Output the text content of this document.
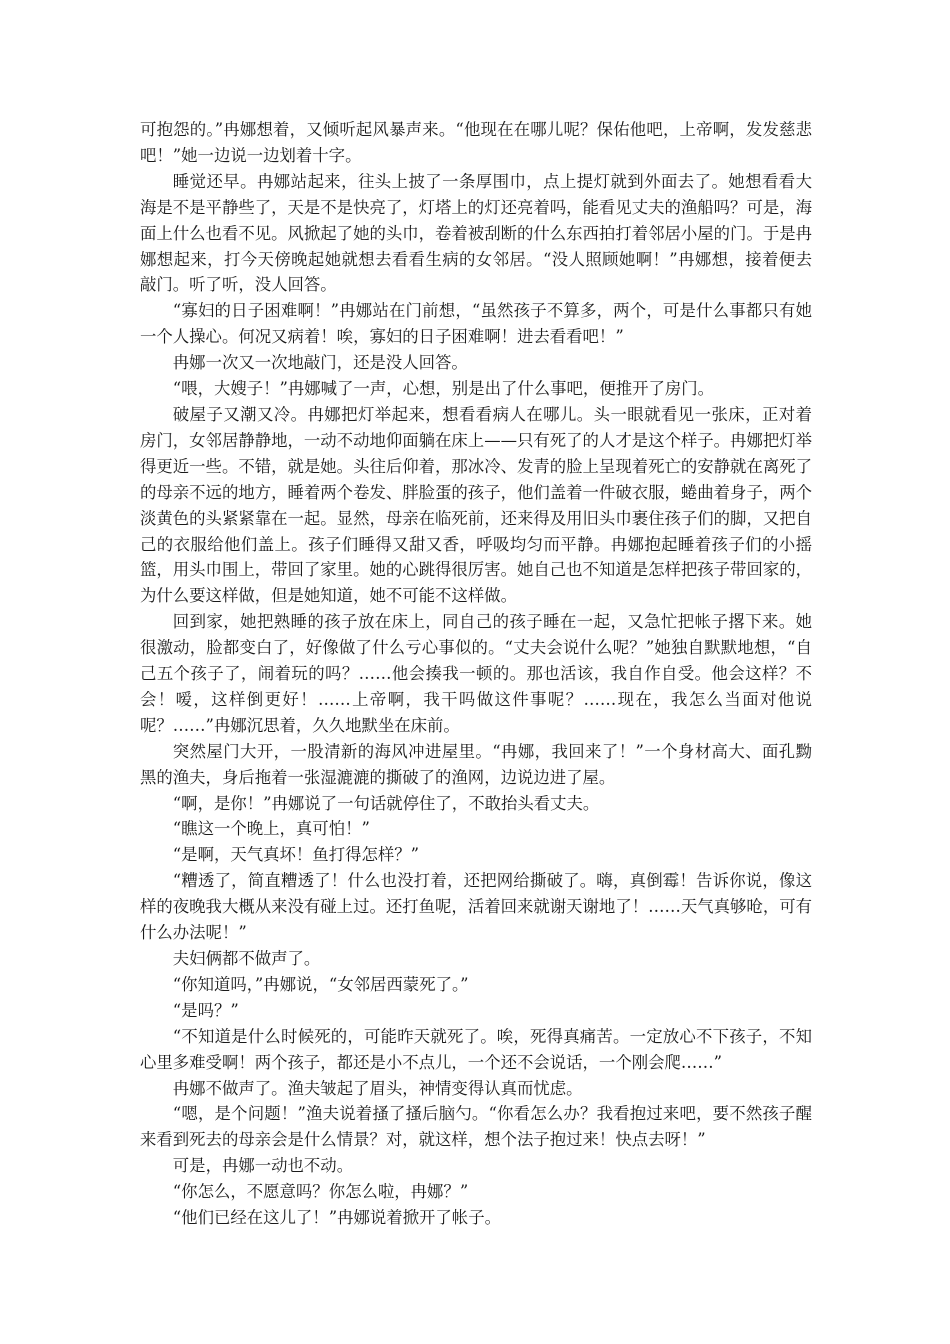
可抱怨的。”冉娜想着，又倾听起风暴声来。“他现在在哪儿呢？保佑他吧，上帝啊，发发慈悲吧！”她一边说一边划着十字。

睡觉还早。冉娜站起来，往头上披了一条厚围巾，点上提灯就到外面去了。她想看看大海是不是平静些了，天是不是快亮了，灯塔上的灯还亮着吗，能看见丈夫的渔船吗？可是，海面上什么也看不见。风掀起了她的头巾，卷着被刮断的什么东西拍打着邻居小屋的门。于是冉娜想起来，打今天傍晚起她就想去看看生病的女邻居。“没人照顾她啊！”冉娜想，接着便去敲门。听了听，没人回答。

“寡妇的日子困难啊！”冉娜站在门前想，“虽然孩子不算多，两个，可是什么事都只有她一个人操心。何况又病着！唉，寡妇的日子困难啊！进去看看吧！”

冉娜一次又一次地敲门，还是没人回答。

“喂，大嫂子！”冉娜喊了一声，心想，别是出了什么事吧，便推开了房门。

破屋子又潮又冷。冉娜把灯举起来，想看看病人在哪儿。头一眼就看见一张床，正对着房门，女邻居静静地，一动不动地仰面躺在床上——只有死了的人才是这个样子。冉娜把灯举得更近一些。不错，就是她。头往后仰着，那冰冷、发青的脸上呈现着死亡的安静就在离死了的母亲不远的地方，睡着两个卷发、胖脸蛋的孩子，他们盖着一件破衣服，蜷曲着身子，两个淡黄色的头紧紧靠在一起。显然，母亲在临死前，还来得及用旧头巾裹住孩子们的脚，又把自己的衣服给他们盖上。孩子们睡得又甜又香，呼吸均匀而平静。冉娜抱起睡着孩子们的小摇篮，用头巾围上，带回了家里。她的心跳得很厉害。她自己也不知道是怎样把孩子带回家的，为什么要这样做，但是她知道，她不可能不这样做。

回到家，她把熟睡的孩子放在床上，同自己的孩子睡在一起，又急忙把帐子撂下来。她很激动，脸都变白了，好像做了什么亏心事似的。“丈夫会说什么呢？”她独自默默地想，“自己五个孩子了，闹着玩的吗？……他会揍我一顿的。那也活该，我自作自受。他会这样？不会！嗳，这样倒更好！……上帝啊，我干吗做这件事呢？……现在，我怎么当面对他说呢？……”冉娜沉思着，久久地默坐在床前。

突然屋门大开，一股清新的海风冲进屋里。“冉娜，我回来了！”一个身材高大、面孔黝黑的渔夫，身后拖着一张湿漉漉的撕破了的渔网，边说边进了屋。

“啊，是你！”冉娜说了一句话就停住了，不敢抬头看丈夫。

“瞧这一个晚上，真可怕！”

“是啊，天气真坏！鱼打得怎样？”

“糟透了，简直糟透了！什么也没打着，还把网给撕破了。嗨，真倒霉！告诉你说，像这样的夜晚我大概从来没有碰上过。还打鱼呢，活着回来就谢天谢地了！……天气真够呛，可有什么办法呢！”

夫妇俩都不做声了。

“你知道吗，”冉娜说，“女邻居西蒙死了。”

“是吗？”

“不知道是什么时候死的，可能昨天就死了。唉，死得真痛苦。一定放心不下孩子，不知心里多难受啊！两个孩子，都还是小不点儿，一个还不会说话，一个刚会爬……”

冉娜不做声了。渔夫皱起了眉头，神情变得认真而忧虑。

“嗯，是个问题！”渔夫说着搔了搔后脑勺。“你看怎么办？我看抱过来吧，要不然孩子醒来看到死去的母亲会是什么情景？对，就这样，想个法子抱过来！快点去呀！”

可是，冉娜一动也不动。

“你怎么，不愿意吗？你怎么啦，冉娜？”

“他们已经在这儿了！”冉娜说着掀开了帐子。
